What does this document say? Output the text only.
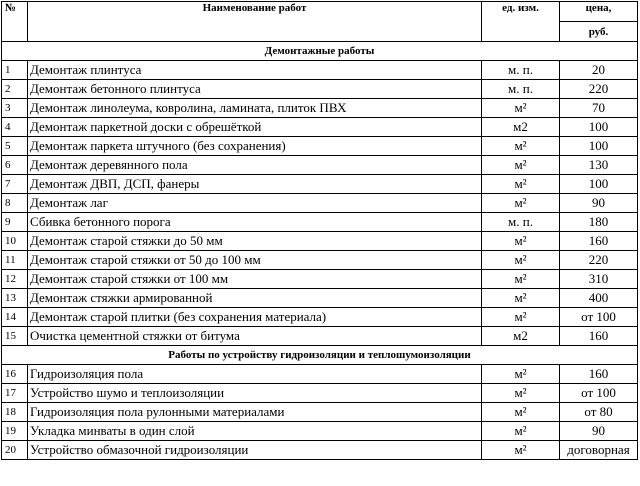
№	Наименование работ	ед. изм.	цена,
			руб.
Демонтажные работы			
1	Демонтаж плинтуса	м. п.	20
2	Демонтаж бетонного плинтуса	м. п.	220
3	Демонтаж линолеума, ковролина, ламината, плиток ПВХ	м²	70
4	Демонтаж паркетной доски с обрешёткой	м2	100
5	Демонтаж паркета штучного (без сохранения)	м²	100
6	Демонтаж деревянного пола	м²	130
7	Демонтаж ДВП, ДСП, фанеры	м²	100
8	Демонтаж лаг	м²	90
9	Сбивка бетонного порога	м. п.	180
10	Демонтаж старой стяжки до 50 мм	м²	160
11	Демонтаж старой стяжки от 50 до 100 мм	м²	220
12	Демонтаж старой стяжки от 100 мм	м²	310
13	Демонтаж стяжки армированной	м²	400
14	Демонтаж старой плитки (без сохранения материала)	м²	от 100
15	Очистка цементной стяжки от битума	м2	160
Работы по устройству гидроизоляции и теплошумоизоляции			
16	Гидроизоляция пола	м²	160
17	Устройство шумо и теплоизоляции	м²	от 100
18	Гидроизоляция пола рулонными материалами	м²	от 80
19	Укладка минваты в один слой	м²	90
20	Устройство обмазочной гидроизоляции	м²	договорная
